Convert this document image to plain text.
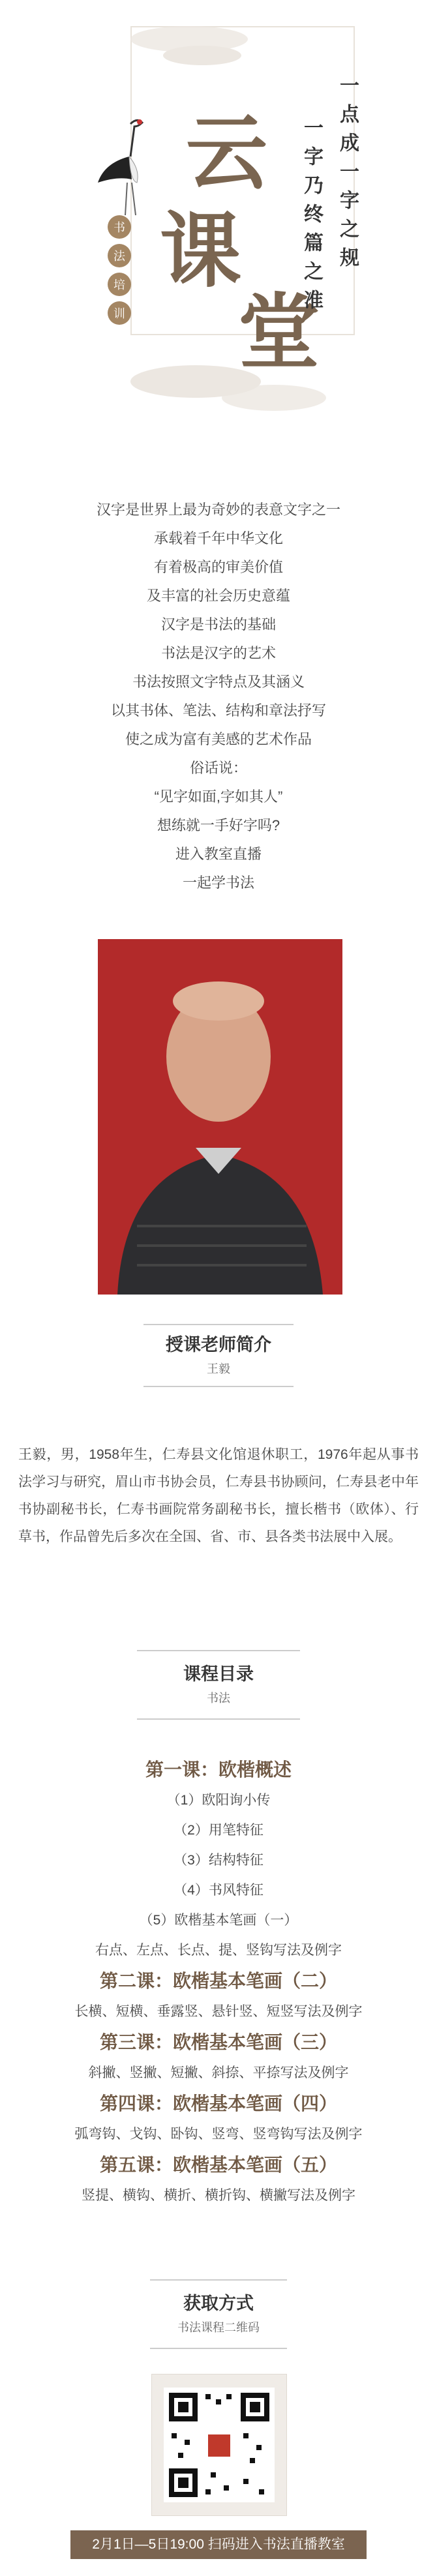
云
课
堂
一点成一字之规
一字乃终篇之准
书
法
培
训
汉字是世界上最为奇妙的表意文字之一
承载着千年中华文化
有着极高的审美价值
及丰富的社会历史意蕴
汉字是书法的基础
书法是汉字的艺术
书法按照文字特点及其涵义
以其书体、笔法、结构和章法抒写
使之成为富有美感的艺术作品
俗话说：
“见字如面,字如其人”
想练就一手好字吗?
进入教室直播
一起学书法
授课老师简介
王毅
王毅，男，1958年生，仁寿县文化馆退休职工，1976年起从事书法学习与研究，眉山市书协会员，仁寿县书协顾问，仁寿县老中年书协副秘书长，仁寿书画院常务副秘书长，擅长楷书（欧体）、行草书，作品曾先后多次在全国、省、市、县各类书法展中入展。
课程目录
书法
第一课：欧楷概述
（1）欧阳询小传
（2）用笔特征
（3）结构特征
（4）书风特征
（5）欧楷基本笔画（一）
右点、左点、长点、提、竖钩写法及例字
第二课：欧楷基本笔画（二）
长横、短横、垂露竖、悬针竖、短竖写法及例字
第三课：欧楷基本笔画（三）
斜撇、竖撇、短撇、斜捺、平捺写法及例字
第四课：欧楷基本笔画（四）
弧弯钩、戈钩、卧钩、竖弯、竖弯钩写法及例字
第五课：欧楷基本笔画（五）
竖提、横钩、横折、横折钩、横撇写法及例字
获取方式
书法课程二维码
2月1日—5日19:00 扫码进入书法直播教室
